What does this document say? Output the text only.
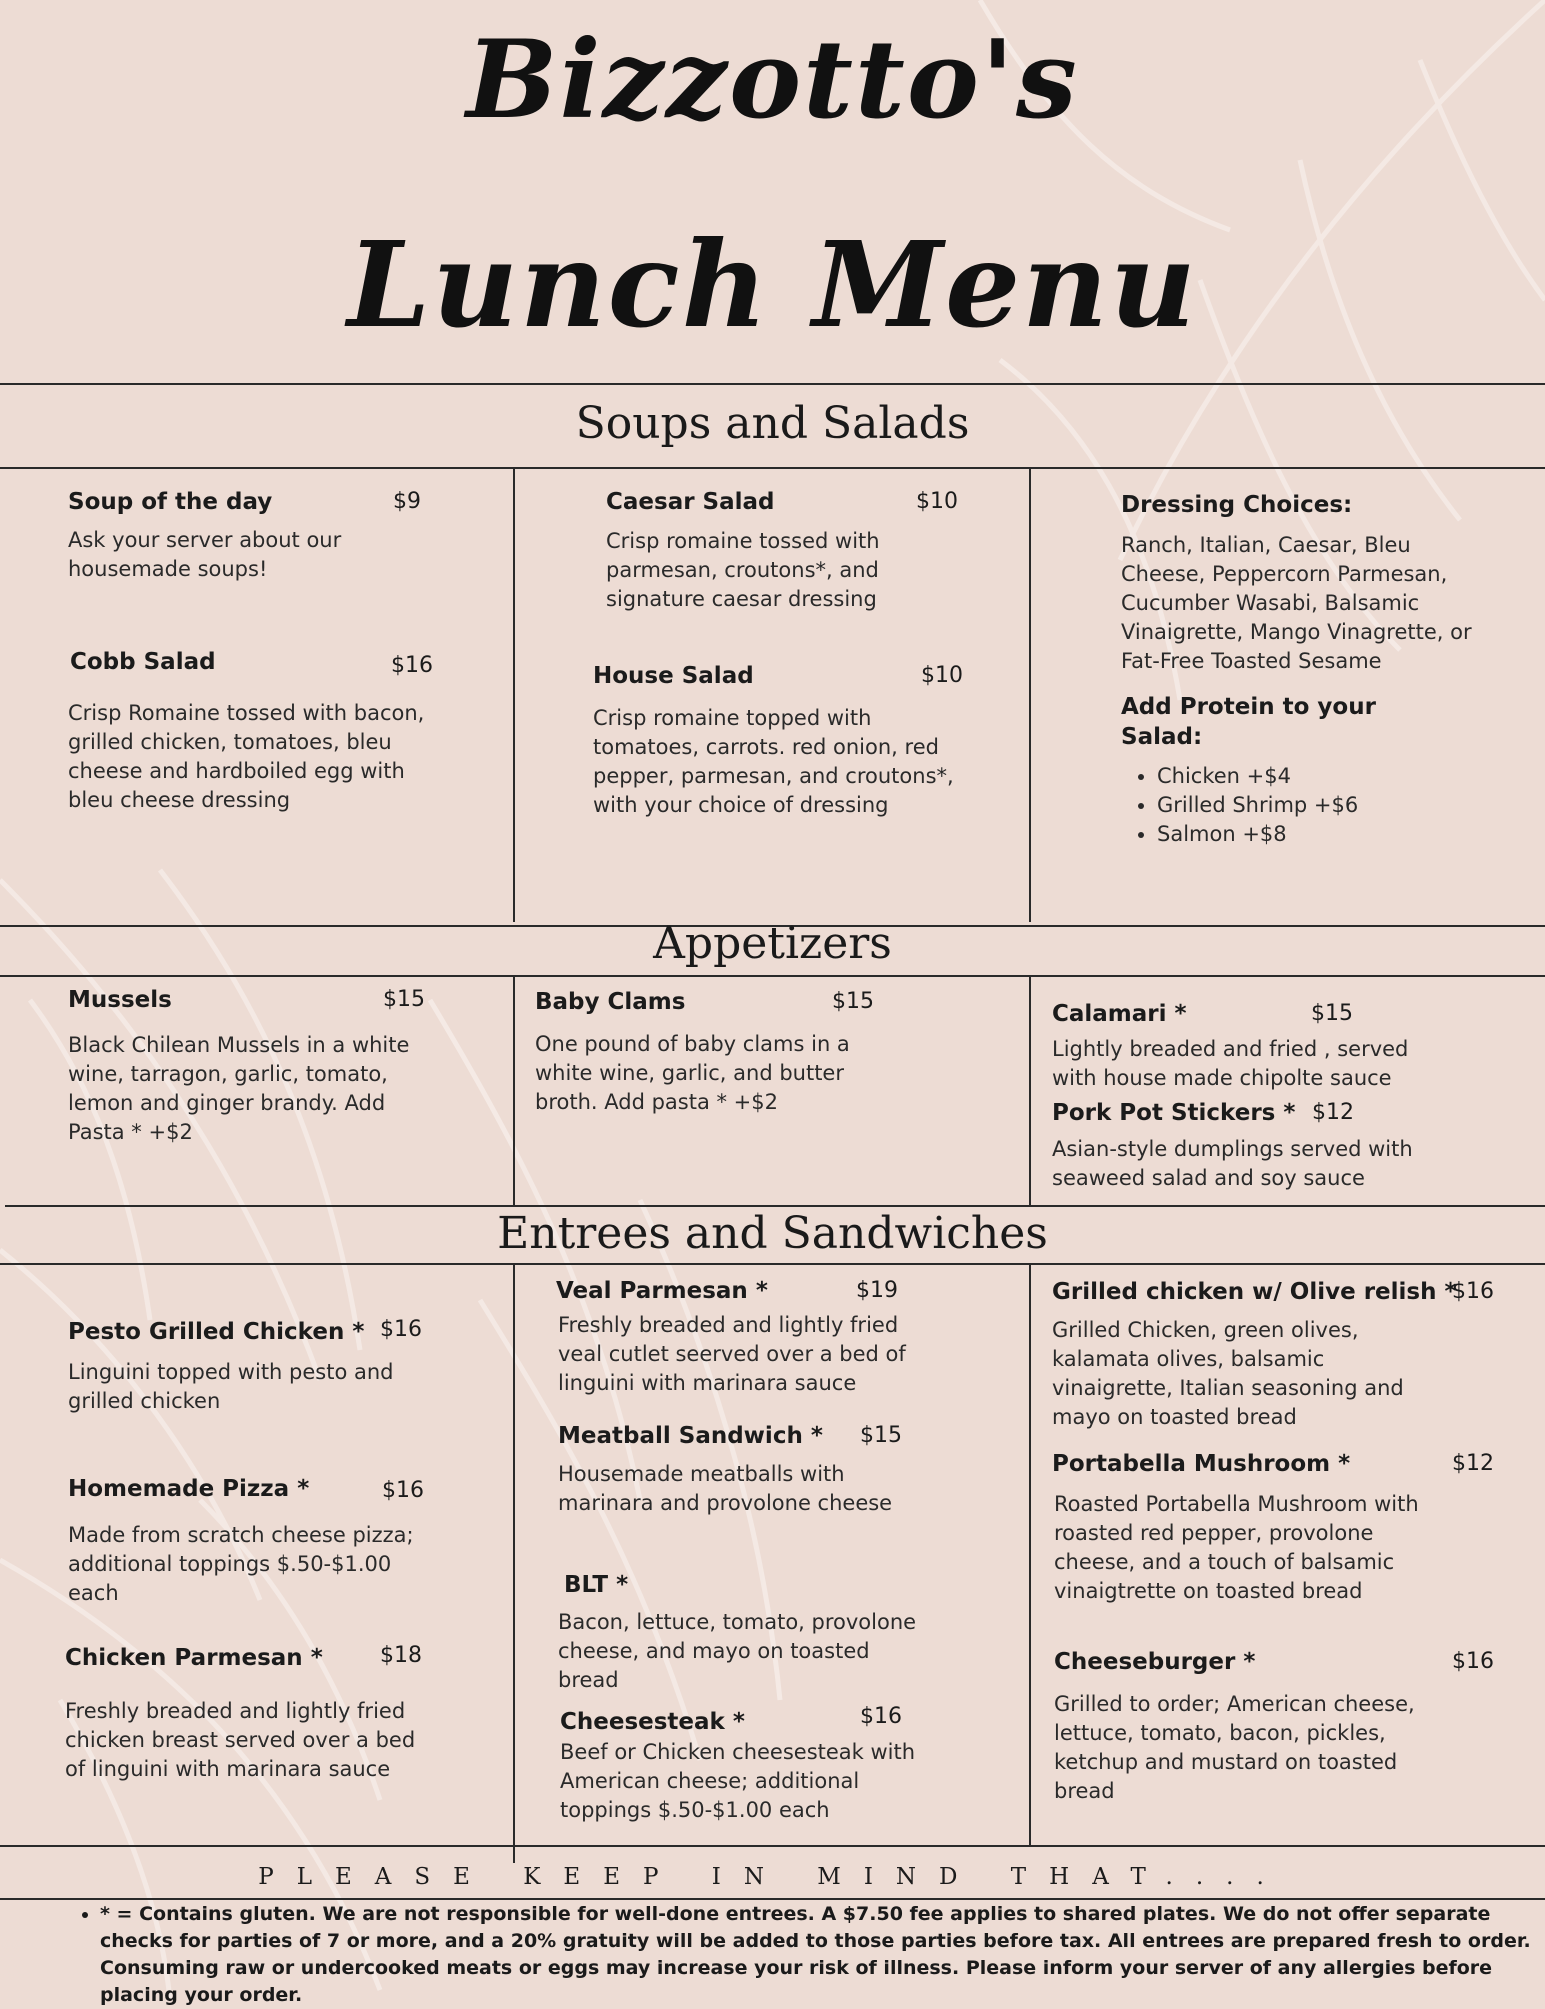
Bizzotto's
Lunch Menu
Soups and Salads
Appetizers
Entrees and Sandwiches
Soup of the day	$9
Ask your server about our housemade soups!
Cobb Salad	$16
Crisp Romaine tossed with bacon, grilled chicken, tomatoes, bleu cheese and hardboiled egg with bleu cheese dressing
Caesar Salad	$10
Crisp romaine tossed with parmesan, croutons*, and signature caesar dressing
House Salad	$10
Crisp romaine topped with tomatoes, carrots. red onion, red pepper, parmesan, and croutons*, with your choice of dressing
Dressing Choices:
Ranch, Italian, Caesar, Bleu Cheese, Peppercorn Parmesan, Cucumber Wasabi, Balsamic Vinaigrette, Mango Vinagrette, or Fat-Free Toasted Sesame
Add Protein to your Salad:
• Chicken +$4
• Grilled Shrimp +$6
• Salmon +$8
Mussels	$15
Black Chilean Mussels in a white wine, tarragon, garlic, tomato, lemon and ginger brandy. Add Pasta * +$2
Baby Clams	$15
One pound of baby clams in a white wine, garlic, and butter broth. Add pasta * +$2
Calamari *	$15
Lightly breaded and fried , served with house made chipolte sauce
Pork Pot Stickers * $12
Asian-style dumplings served with seaweed salad and soy sauce
Pesto Grilled Chicken * $16
Linguini topped with pesto and grilled chicken
Homemade Pizza *	$16
Made from scratch cheese pizza; additional toppings $.50-$1.00 each
Chicken Parmesan *	$18
Freshly breaded and lightly fried chicken breast served over a bed of linguini with marinara sauce
Veal Parmesan *	$19
Freshly breaded and lightly fried veal cutlet seerved over a bed of linguini with marinara sauce
Meatball Sandwich * $15
Housemade meatballs with marinara and provolone cheese
BLT *
Bacon, lettuce, tomato, provolone cheese, and mayo on toasted bread
Cheesesteak *	$16
Beef or Chicken cheesesteak with American cheese; additional toppings $.50-$1.00 each
Grilled chicken w/ Olive relish *
$16
Grilled Chicken, green olives, kalamata olives, balsamic vinaigrette, Italian seasoning and mayo on toasted bread
Portabella Mushroom *	$12
Roasted Portabella Mushroom with roasted red pepper, provolone cheese, and a touch of balsamic vinaigtrette on toasted bread
Cheeseburger *	$16
Grilled to order; American cheese, lettuce, tomato, bacon, pickles, ketchup and mustard on toasted bread
PLEASE KEEP IN MIND THAT....
• * = Contains gluten. We are not responsible for well-done entrees. A $7.50 fee applies to shared plates. We do not offer separate checks for parties of 7 or more, and a 20% gratuity will be added to those parties before tax. All entrees are prepared fresh to order. Consuming raw or undercooked meats or eggs may increase your risk of illness. Please inform your server of any allergies before placing your order.
